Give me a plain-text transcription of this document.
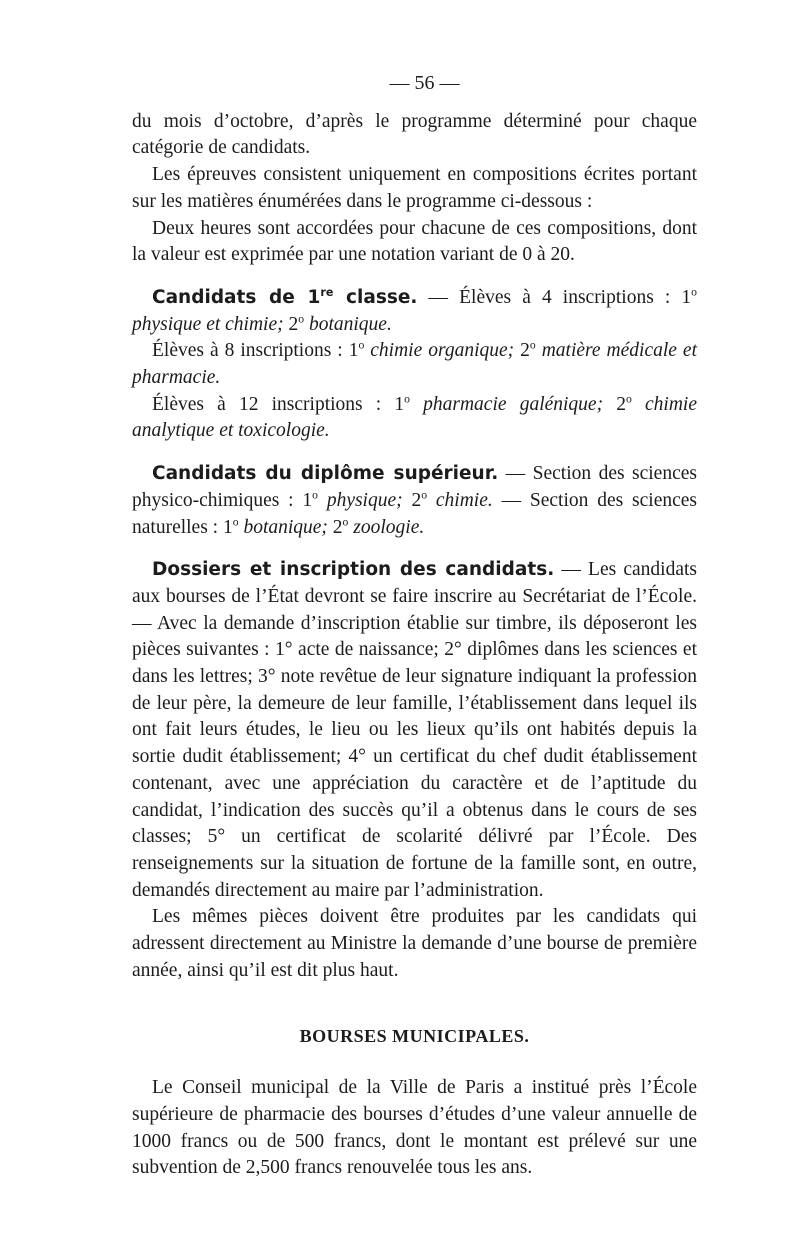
— 56 —

du mois d’octobre, d’après le programme déterminé pour chaque catégorie de candidats.

Les épreuves consistent uniquement en compositions écrites portant sur les matières énumérées dans le programme ci-dessous :

Deux heures sont accordées pour chacune de ces compositions, dont la valeur est exprimée par une notation variant de 0 à 20.

Candidats de 1re classe. — Élèves à 4 inscriptions : 1$^o$ physique et chimie; 2$^o$ botanique.

Élèves à 8 inscriptions : 1$^o$ chimie organique; 2$^o$ matière médicale et pharmacie.

Élèves à 12 inscriptions : 1$^o$ pharmacie galénique; 2$^o$ chimie analytique et toxicologie.

Candidats du diplôme supérieur. — Section des sciences physico-chimiques : 1$^o$ physique; 2$^o$ chimie. — Section des sciences naturelles : 1$^o$ botanique; 2$^o$ zoologie.

Dossiers et inscription des candidats. — Les candidats aux bourses de l’État devront se faire inscrire au Secrétariat de l’École. — Avec la demande d’inscription établie sur timbre, ils déposeront les pièces suivantes : 1° acte de naissance; 2° diplômes dans les sciences et dans les lettres; 3° note revêtue de leur signature indiquant la profession de leur père, la demeure de leur famille, l’établissement dans lequel ils ont fait leurs études, le lieu ou les lieux qu’ils ont habités depuis la sortie dudit établissement; 4° un certificat du chef dudit établissement contenant, avec une appréciation du caractère et de l’aptitude du candidat, l’indication des succès qu’il a obtenus dans le cours de ses classes; 5° un certificat de scolarité délivré par l’École. Des renseignements sur la situation de fortune de la famille sont, en outre, demandés directement au maire par l’administration.

Les mêmes pièces doivent être produites par les candidats qui adressent directement au Ministre la demande d’une bourse de première année, ainsi qu’il est dit plus haut.

BOURSES MUNICIPALES.

Le Conseil municipal de la Ville de Paris a institué près l’École supérieure de pharmacie des bourses d’études d’une valeur annuelle de 1000 francs ou de 500 francs, dont le montant est prélevé sur une subvention de 2,500 francs renouvelée tous les ans.
